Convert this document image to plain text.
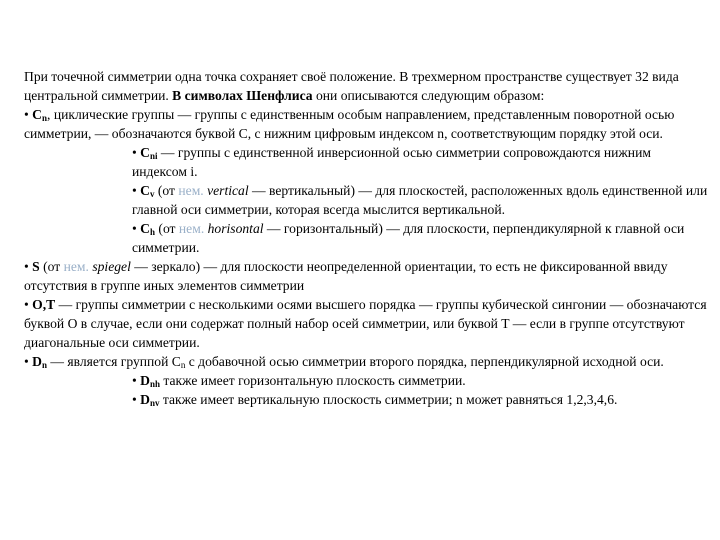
При точечной симметрии одна точка сохраняет своё положение. В трехмерном пространстве существует 32 вида центральной симметрии. В символах Шенфлиса они описываются следующим образом:

• $C_n$, циклические группы — группы с единственным особым направлением, представленным поворотной осью симметрии, — обозначаются буквой C, с нижним цифровым индексом n, соответствующим порядку этой оси.

• $C_{ni}$ — группы с единственной инверсионной осью симметрии сопровождаются нижним индексом i.

• $C_v$ (от нем. vertical — вертикальный) — для плоскостей, расположенных вдоль единственной или главной оси симметрии, которая всегда мыслится вертикальной.

• $C_h$ (от нем. horisontal — горизонтальный) — для плоскости, перпендикулярной к главной оси симметрии.

• S (от нем. spiegel — зеркало) — для плоскости неопределенной ориентации, то есть не фиксированной ввиду отсутствия в группе иных элементов симметрии

• O,T — группы симметрии с несколькими осями высшего порядка — группы кубической сингонии — обозначаются буквой O в случае, если они содержат полный набор осей симметрии, или буквой T — если в группе отсутствуют диагональные оси симметрии.

• $D_n$ — является группой $C_n$ с добавочной осью симметрии второго порядка, перпендикулярной исходной оси.

• $D_{nh}$ также имеет горизонтальную плоскость симметрии.

• $D_{nv}$ также имеет вертикальную плоскость симметрии; n может равняться 1,2,3,4,6.
